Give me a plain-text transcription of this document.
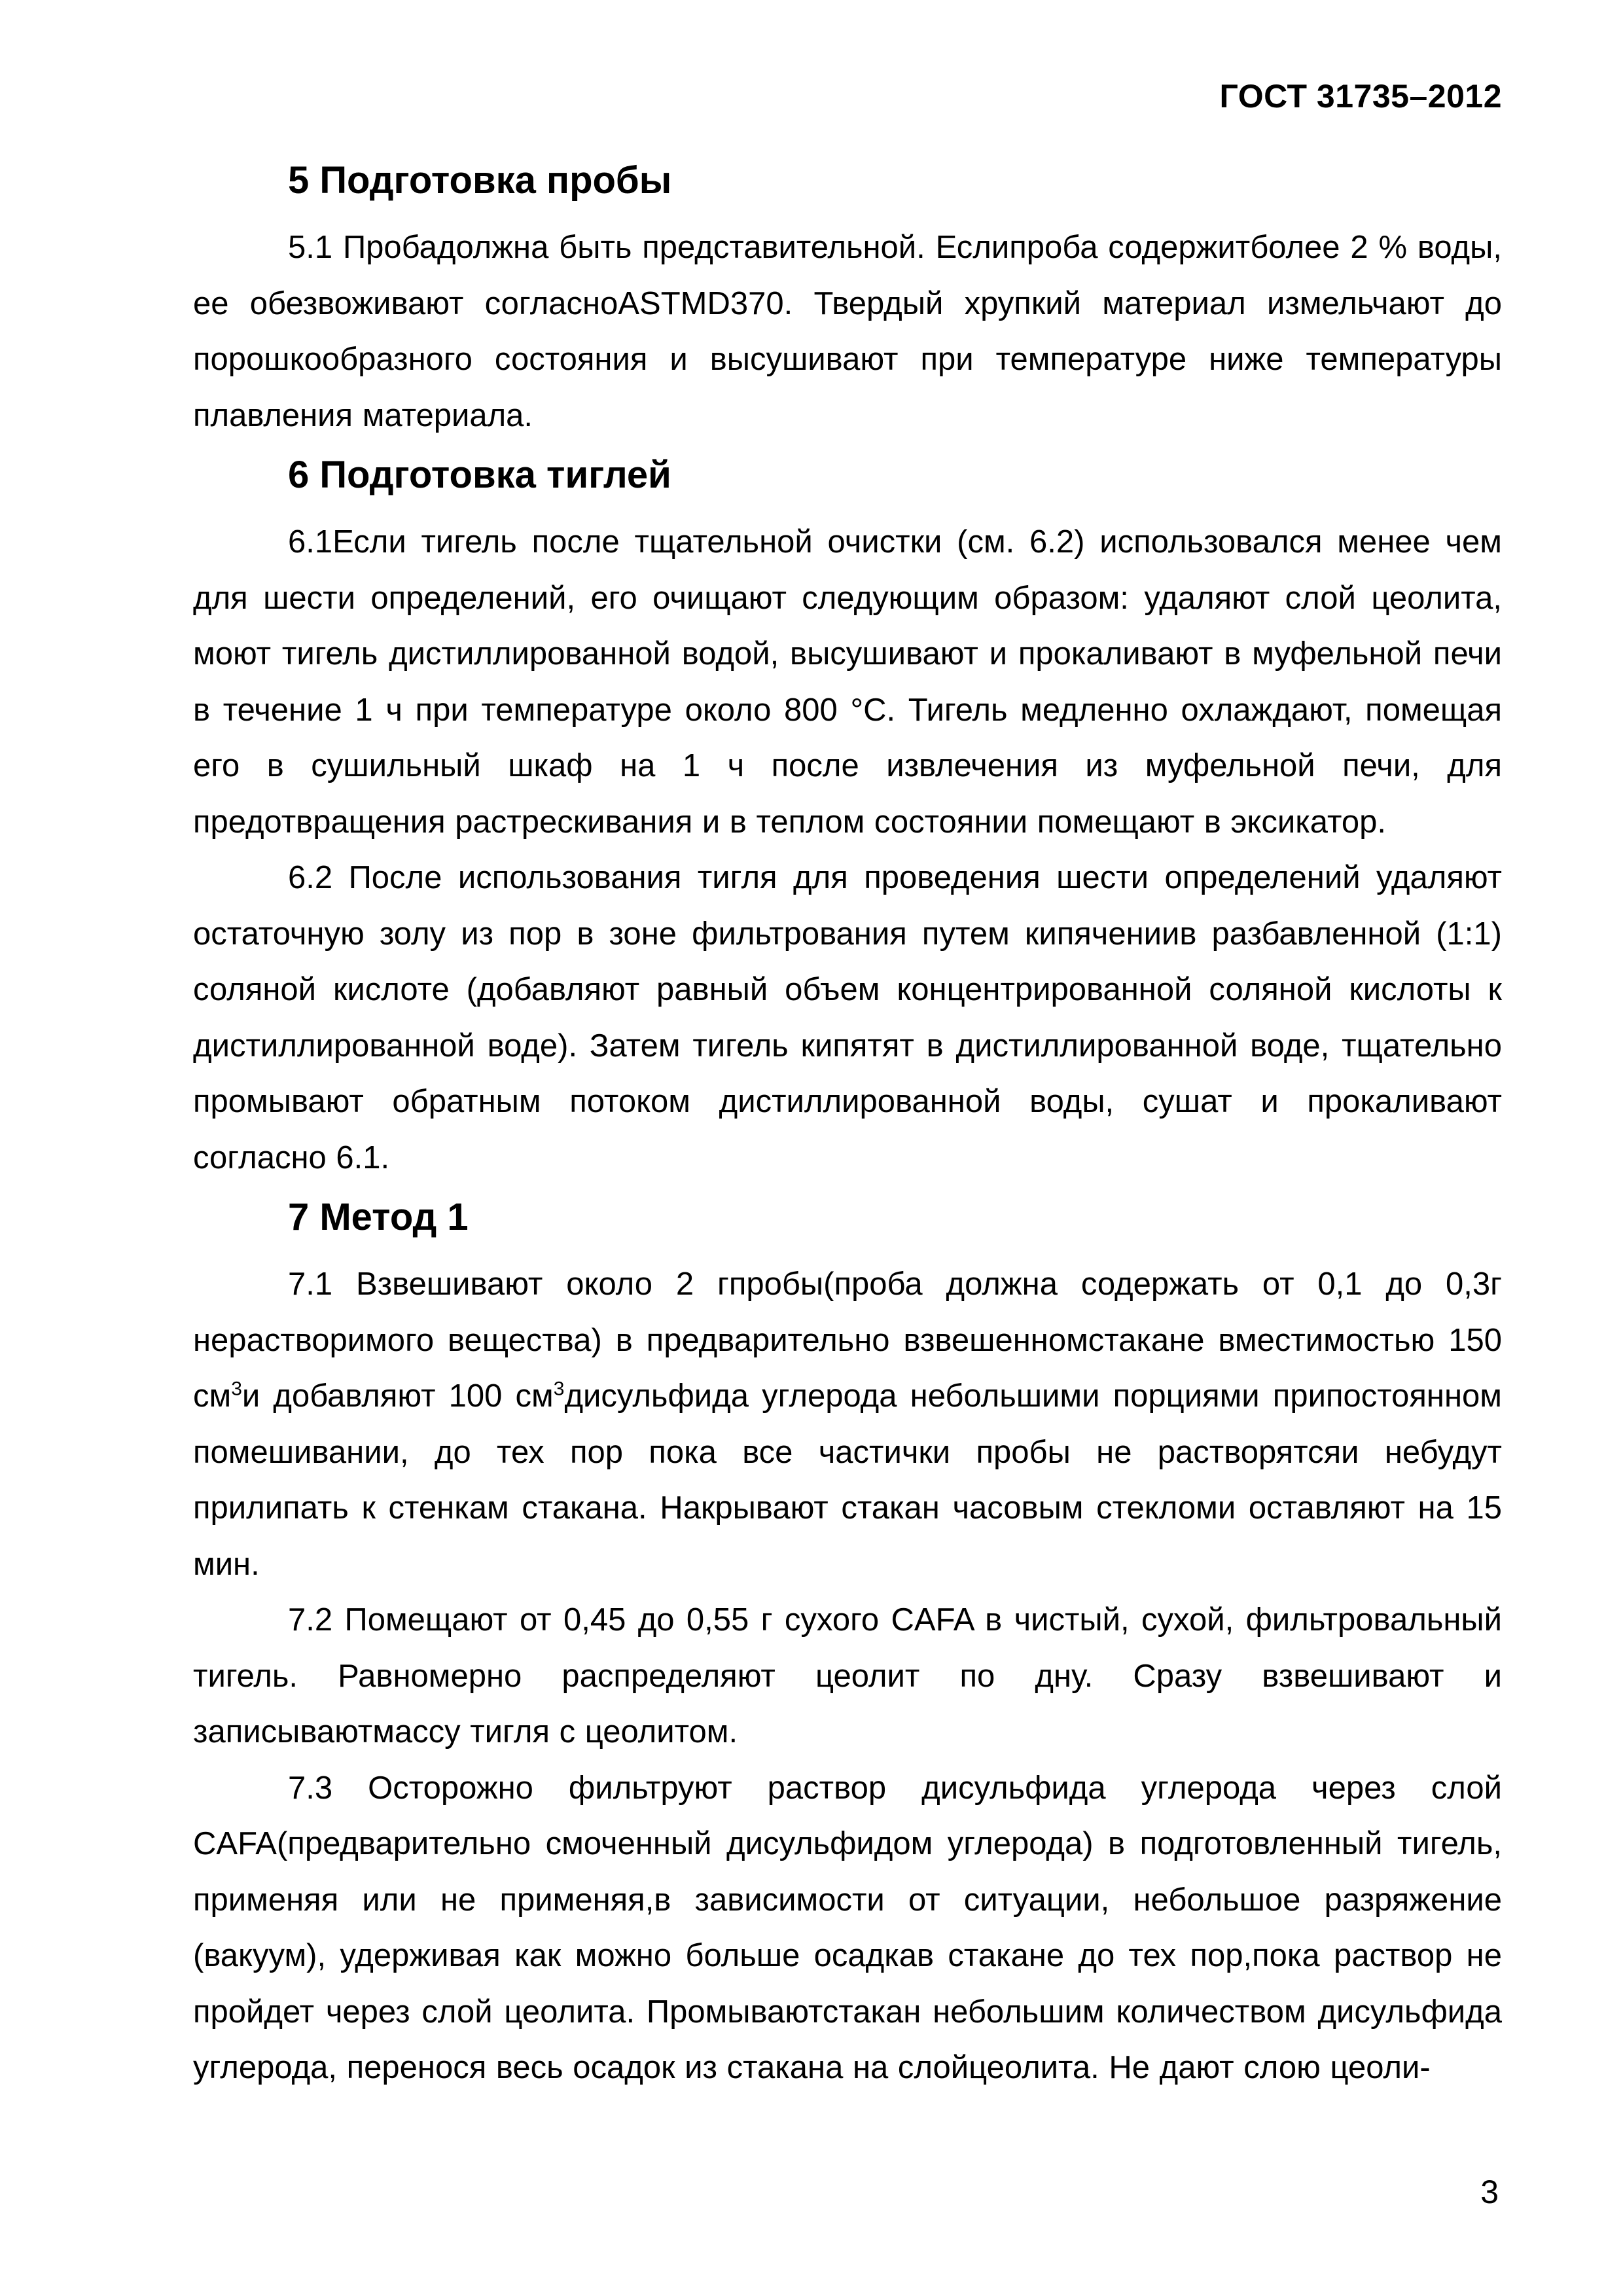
ГОСТ 31735–2012
5 Подготовка пробы

5.1 Пробадолжна быть представительной. Еслипроба содержитболее 2 % воды, ее обезвоживают согласноASTMD370. Твердый хрупкий материал измельчают до порошкообразного состояния и высушивают при температуре ниже температуры плавления материала.

6 Подготовка тиглей

6.1Если тигель после тщательной очистки (см. 6.2) использовался менее чем для шести определений, его очищают следующим образом: удаляют слой цеолита, моют тигель дистиллированной водой, высушивают и прокаливают в муфельной печи в течение 1 ч при температуре около 800 °С. Тигель медленно охлаждают, помещая его в сушильный шкаф на 1 ч после извлечения из муфельной печи, для предотвращения растрескивания и в теплом состоянии помещают в эксикатор.

6.2 После использования тигля для проведения шести определений удаляют остаточную золу из пор в зоне фильтрования путем кипячениив разбавленной (1:1) соляной кислоте (добавляют равный объем концентрированной соляной кислоты к дистиллированной воде). Затем тигель кипятят в дистиллированной воде, тщательно промывают обратным потоком дистиллированной воды, сушат и прокаливают согласно 6.1.

7 Метод 1

7.1 Взвешивают около 2 гпробы(проба должна содержать от 0,1 до 0,3г нерастворимого вещества) в предварительно взвешенномстакане вместимостью 150 $см^3и$ добавляют 100 $см^3дисульфида$ углерода небольшими порциями припостоянном помешивании, до тех пор пока все частички пробы не растворятсяи небудут прилипать к стенкам стакана. Накрывают стакан часовым стекломи оставляют на 15 мин.

7.2 Помещают от 0,45 до 0,55 г сухого CAFA в чистый, сухой, фильтровальный тигель. Равномерно распределяют цеолит по дну. Сразу взвешивают и записываютмассу тигля с цеолитом.

7.3 Осторожно фильтруют раствор дисульфида углерода через слой CAFA(предварительно смоченный дисульфидом углерода) в подготовленный тигель, применяя или не применяя,в зависимости от ситуации, небольшое разряжение (вакуум), удерживая как можно больше осадкав стакане до тех пор,пока раствор не пройдет через слой цеолита. Промываютстакан небольшим количеством дисульфида углерода, перенося весь осадок из стакана на слойцеолита. Не дают слою цеоли-

3
